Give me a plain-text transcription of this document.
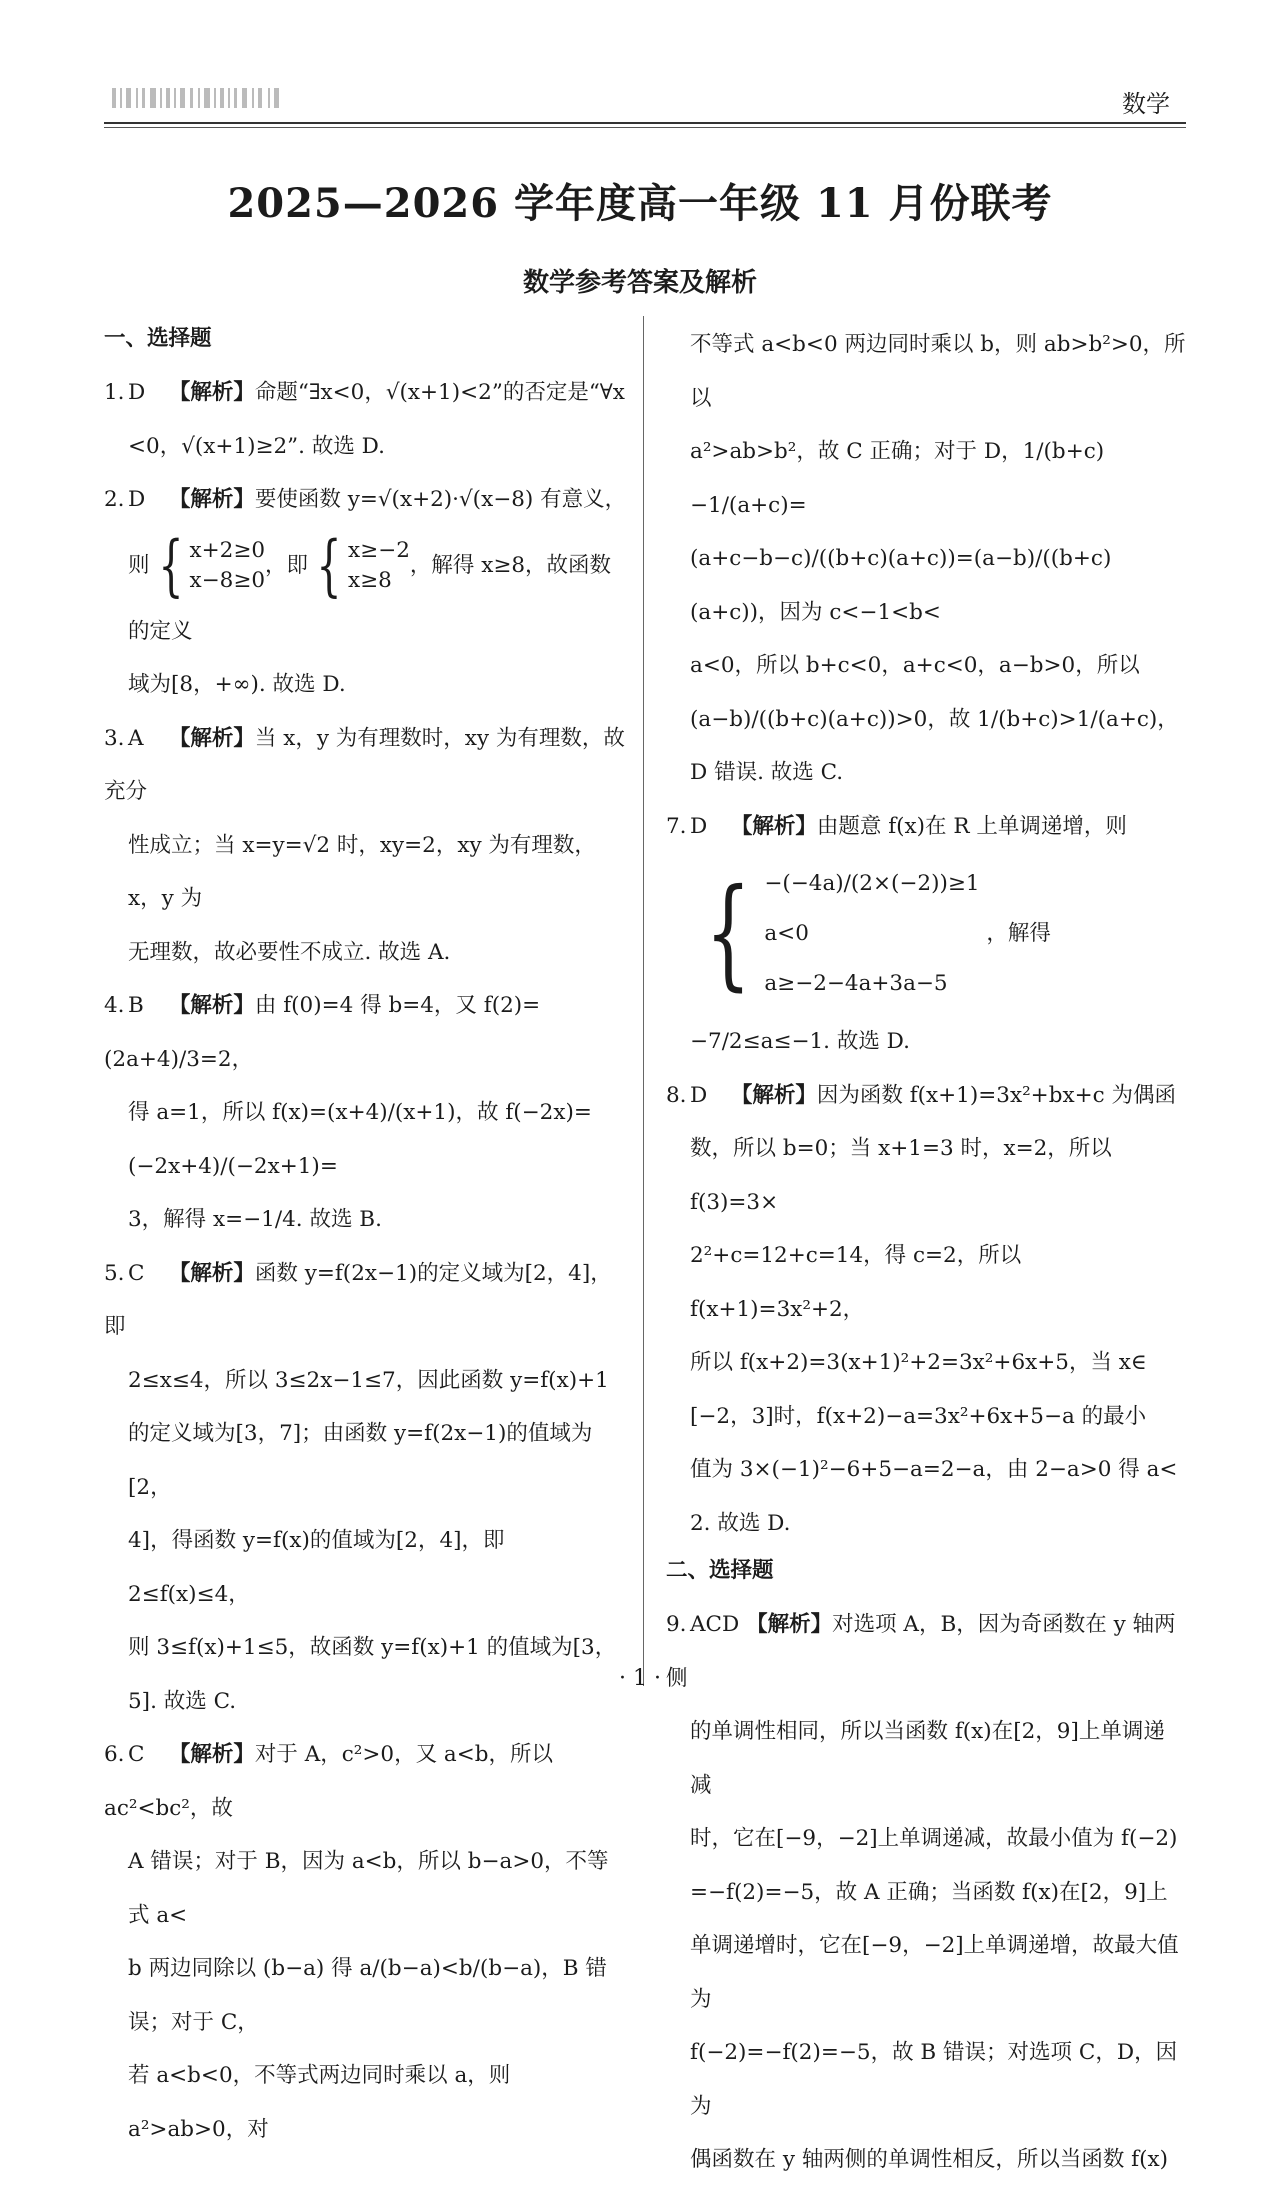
数学
2025—2026 学年度高一年级 11 月份联考
数学参考答案及解析
一、选择题

1. D 【解析】命题“∃x<0，√(x+1)<2”的否定是“∀x

<0，√(x+1)≥2”. 故选 D.

2. D 【解析】要使函数 y=√(x+2)·√(x−8) 有意义，

则 { x+2≥0
x−8≥0
，即 { x≥−2
x≥8
，解得 x≥8，故函数的定义

域为[8，+∞). 故选 D.

3. A 【解析】当 x，y 为有理数时，xy 为有理数，故充分

性成立；当 x=y=√2 时，xy=2，xy 为有理数，x，y 为

无理数，故必要性不成立. 故选 A.

4. B 【解析】由 f(0)=4 得 b=4，又 f(2)=(2a+4)/3=2，

得 a=1，所以 f(x)=(x+4)/(x+1)，故 f(−2x)=(−2x+4)/(−2x+1)=

3，解得 x=−1/4. 故选 B.

5. C 【解析】函数 y=f(2x−1)的定义域为[2，4]，即

2≤x≤4，所以 3≤2x−1≤7，因此函数 y=f(x)+1

的定义域为[3，7]；由函数 y=f(2x−1)的值域为[2，

4]，得函数 y=f(x)的值域为[2，4]，即 2≤f(x)≤4，

则 3≤f(x)+1≤5，故函数 y=f(x)+1 的值域为[3，

5]. 故选 C.

6. C 【解析】对于 A，c²>0，又 a<b，所以 ac²<bc²，故

A 错误；对于 B，因为 a<b，所以 b−a>0，不等式 a<

b 两边同除以 (b−a) 得 a/(b−a)<b/(b−a)，B 错误；对于 C，

若 a<b<0，不等式两边同时乘以 a，则 a²>ab>0，对

不等式 a<b<0 两边同时乘以 b，则 ab>b²>0，所以

a²>ab>b²，故 C 正确；对于 D，1/(b+c)−1/(a+c)=

(a+c−b−c)/((b+c)(a+c))=(a−b)/((b+c)(a+c))，因为 c<−1<b<

a<0，所以 b+c<0，a+c<0，a−b>0，所以

(a−b)/((b+c)(a+c))>0，故 1/(b+c)>1/(a+c)，D 错误. 故选 C.

7. D 【解析】由题意 f(x)在 R 上单调递增，则

{ −(−4a)/(2×(−2))≥1
a<0
a≥−2−4a+3a−5
，解得 −7/2≤a≤−1. 故选 D.

8. D 【解析】因为函数 f(x+1)=3x²+bx+c 为偶函

数，所以 b=0；当 x+1=3 时，x=2，所以 f(3)=3×

2²+c=12+c=14，得 c=2，所以 f(x+1)=3x²+2，

所以 f(x+2)=3(x+1)²+2=3x²+6x+5，当 x∈

[−2，3]时，f(x+2)−a=3x²+6x+5−a 的最小

值为 3×(−1)²−6+5−a=2−a，由 2−a>0 得 a<

2. 故选 D.

二、选择题

9. ACD 【解析】对选项 A，B，因为奇函数在 y 轴两侧

的单调性相同，所以当函数 f(x)在[2，9]上单调递减

时，它在[−9，−2]上单调递减，故最小值为 f(−2)

=−f(2)=−5，故 A 正确；当函数 f(x)在[2，9]上

单调递增时，它在[−9，−2]上单调递增，故最大值为

f(−2)=−f(2)=−5，故 B 错误；对选项 C，D，因为

偶函数在 y 轴两侧的单调性相反，所以当函数 f(x)

· 1 ·
